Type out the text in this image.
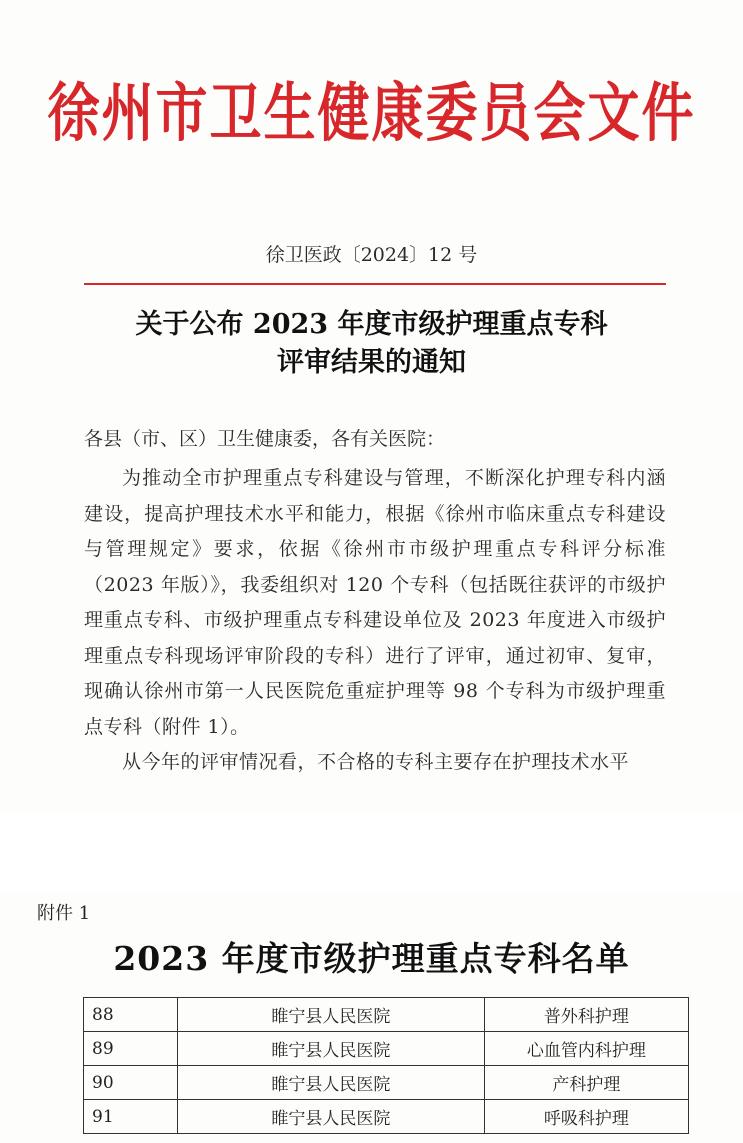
徐州市卫生健康委员会文件
徐卫医政〔2024〕12 号
关于公布 2023 年度市级护理重点专科
评审结果的通知
各县（市、区）卫生健康委，各有关医院：

为推动全市护理重点专科建设与管理，不断深化护理专科内涵建设，提高护理技术水平和能力，根据《徐州市临床重点专科建设与管理规定》要求，依据《徐州市市级护理重点专科评分标准（2023 年版）》，我委组织对 120 个专科（包括既往获评的市级护理重点专科、市级护理重点专科建设单位及 2023 年度进入市级护理重点专科现场评审阶段的专科）进行了评审，通过初审、复审，现确认徐州市第一人民医院危重症护理等 98 个专科为市级护理重点专科（附件 1）。

从今年的评审情况看，不合格的专科主要存在护理技术水平

附件 1
2023 年度市级护理重点专科名单
88	睢宁县人民医院	普外科护理
89	睢宁县人民医院	心血管内科护理
90	睢宁县人民医院	产科护理
91	睢宁县人民医院	呼吸科护理
